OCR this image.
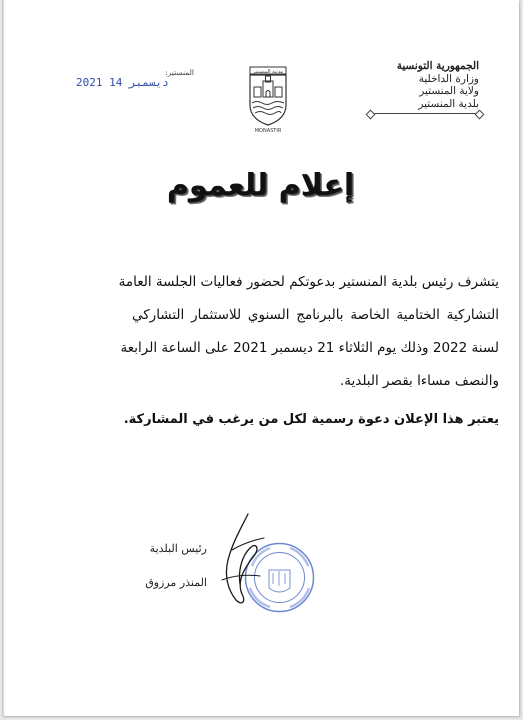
الجمهورية التونسية
وزارة الداخلية
ولاية المنستير
بلدية المنستير
مدينة المنستير
MONASTIR
المنستير:
2021 ديسمبر 14
إعلام للعموم

يتشرف رئيس بلدية المنستير بدعوتكم لحضور فعاليات الجلسة العامة

التشاركية الختامية الخاصة بالبرنامج السنوي للاستثمار التشاركي

لسنة 2022 وذلك يوم الثلاثاء 21 ديسمبر 2021 على الساعة الرابعة

والنصف مساءا بقصر البلدية.

يعتبر هذا الإعلان دعوة رسمية لكل من يرغب في المشاركة.

رئيس البلدية
المنذر مرزوق
